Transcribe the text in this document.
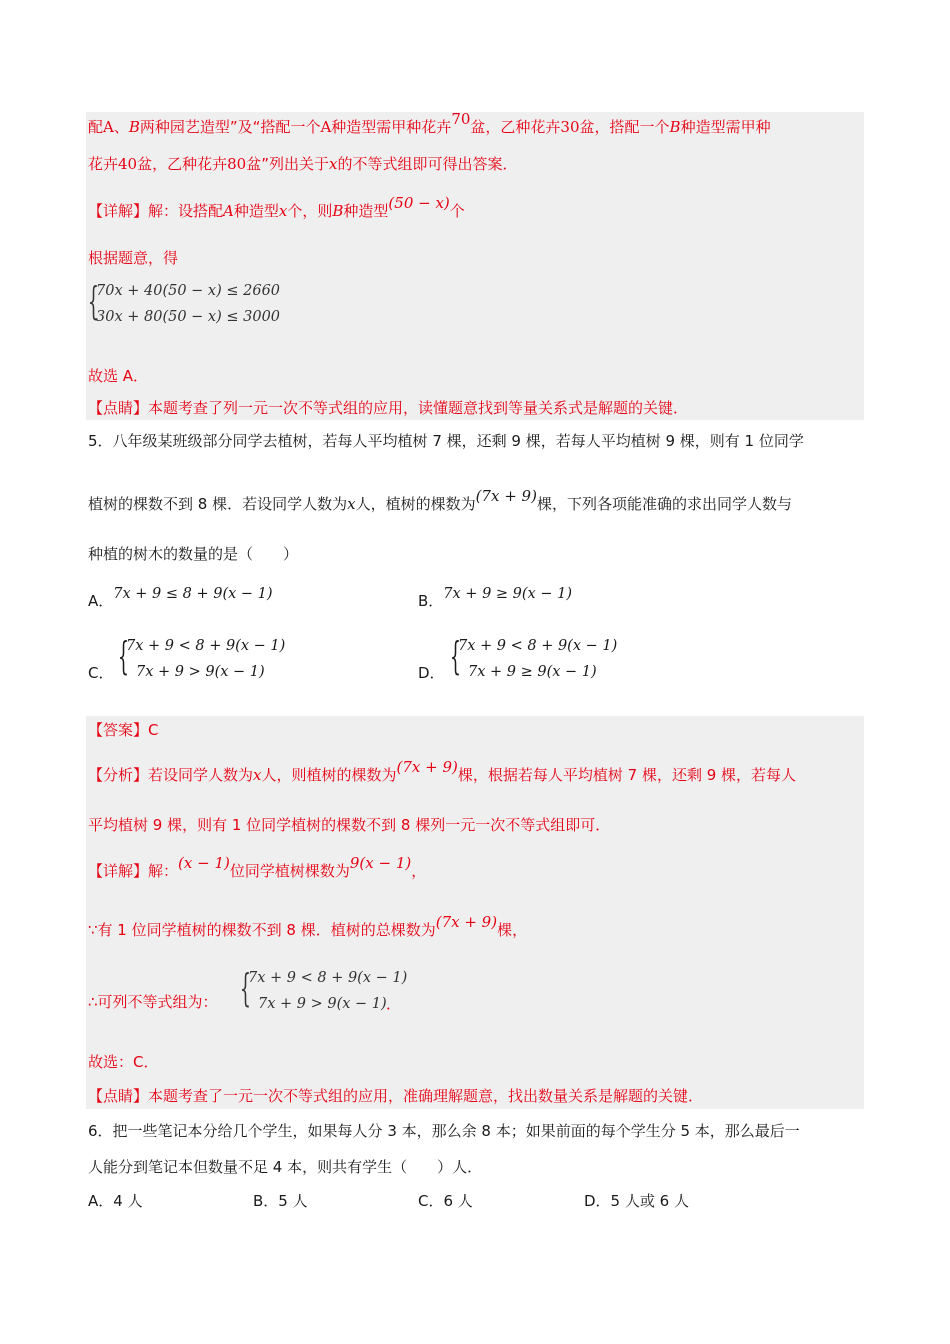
配A、B两种园艺造型”及“搭配一个A种造型需甲种花卉70盆，乙种花卉30盆，搭配一个B种造型需甲种
花卉40盆，乙种花卉80盆”列出关于x的不等式组即可得出答案．
【详解】解：设搭配A种造型x个，则B种造型(50 − x)个
根据题意，得
{
70x + 40(50 − x) ≤ 2660
30x + 80(50 − x) ≤ 3000
故选 A．
【点睛】本题考查了列一元一次不等式组的应用，读懂题意找到等量关系式是解题的关键．
5．八年级某班级部分同学去植树，若每人平均植树 7 棵，还剩 9 棵，若每人平均植树 9 棵，则有 1 位同学
植树的棵数不到 8 棵．若设同学人数为x人，植树的棵数为(7x + 9)棵，下列各项能准确的求出同学人数与
种植的树木的数量的是（　　）
A．7x + 9 ≤ 8 + 9(x − 1)	B．7x + 9 ≥ 9(x − 1)
C． {
7x + 9 < 8 + 9(x − 1)
7x + 9 > 9(x − 1)	D． {
7x + 9 < 8 + 9(x − 1)
7x + 9 ≥ 9(x − 1)
【答案】C
【分析】若设同学人数为x人，则植树的棵数为(7x + 9)棵，根据若每人平均植树 7 棵，还剩 9 棵，若每人
平均植树 9 棵，则有 1 位同学植树的棵数不到 8 棵列一元一次不等式组即可．
【详解】解：(x − 1)位同学植树棵数为9(x − 1)，
∵有 1 位同学植树的棵数不到 8 棵．植树的总棵数为(7x + 9)棵，
∴可列不等式组为： {
7x + 9 < 8 + 9(x − 1)
7x + 9 > 9(x − 1) ．
故选：C．
【点睛】本题考查了一元一次不等式组的应用，准确理解题意，找出数量关系是解题的关键．
6．把一些笔记本分给几个学生，如果每人分 3 本，那么余 8 本；如果前面的每个学生分 5 本，那么最后一
人能分到笔记本但数量不足 4 本，则共有学生（　　）人．
A．4 人	B．5 人	C．6 人	D．5 人或 6 人
